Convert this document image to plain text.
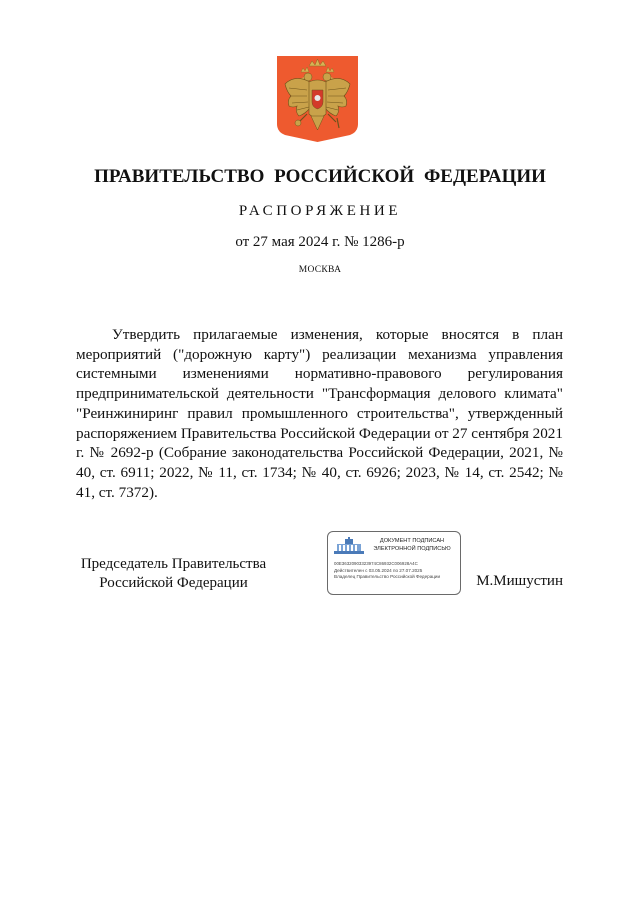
ПРАВИТЕЛЬСТВО РОССИЙСКОЙ ФЕДЕРАЦИИ
РАСПОРЯЖЕНИЕ
от 27 мая 2024 г. № 1286-р
МОСКВА

Утвердить прилагаемые изменения, которые вносятся в план мероприятий ("дорожную карту") реализации механизма управления системными изменениями нормативно-правового регулирования предпринимательской деятельности "Трансформация делового климата" "Реинжиниринг правил промышленного строительства", утвержденный распоряжением Правительства Российской Федерации от 27 сентября 2021 г. № 2692-р (Собрание законодательства Российской Федерации, 2021, № 40, ст. 6911; 2022, № 11, ст. 1734; № 40, ст. 6926; 2023, № 14, ст. 2542; № 41, ст. 7372).

Председатель Правительства
Российской Федерации
ДОКУМЕНТ ПОДПИСАН
ЭЛЕКТРОННОЙ ПОДПИСЬЮ
00E36320903323974C86932C006928A4C
Действителен с 03.05.2024 по 27.07.2025
Владелец Правительство Российской Федерации	М.Мишустин
